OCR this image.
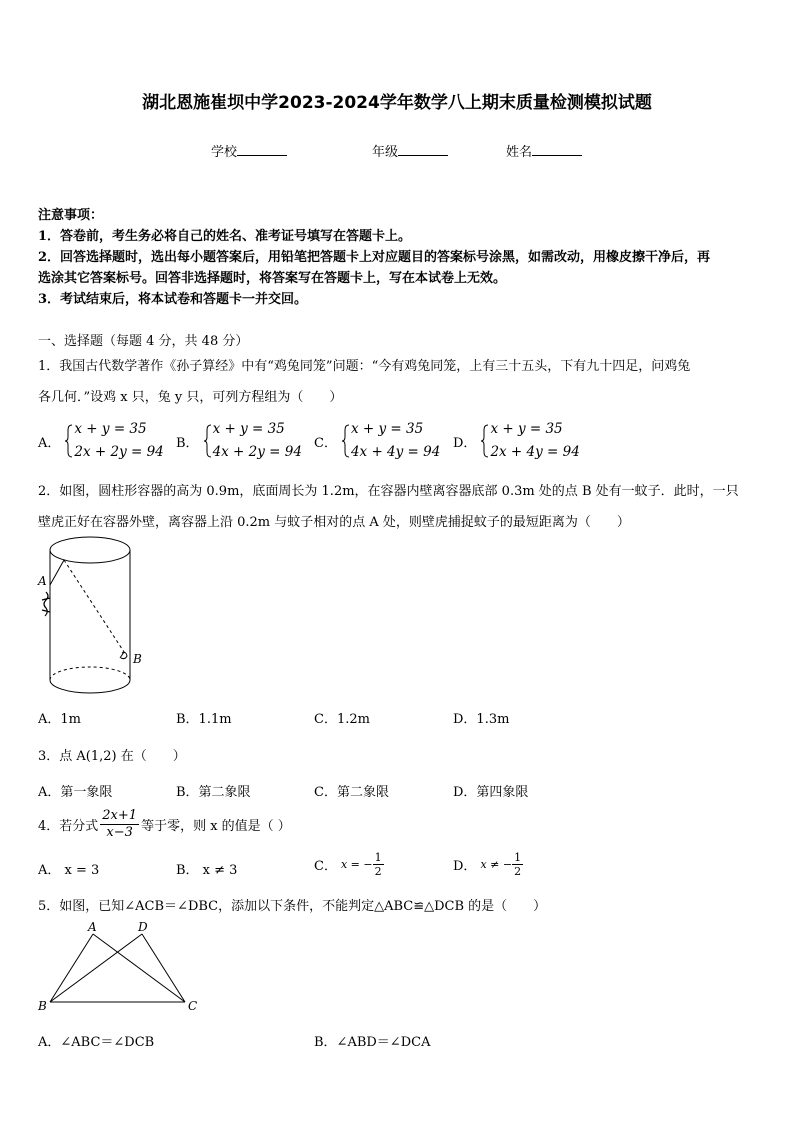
湖北恩施崔坝中学2023-2024学年数学八上期末质量检测模拟试题
学校	年级	姓名
注意事项：
1．答卷前，考生务必将自己的姓名、准考证号填写在答题卡上。
2．回答选择题时，选出每小题答案后，用铅笔把答题卡上对应题目的答案标号涂黑，如需改动，用橡皮擦干净后，再
选涂其它答案标号。回答非选择题时，将答案写在答题卡上，写在本试卷上无效。
3．考试结束后，将本试卷和答题卡一并交回。
一、选择题（每题 4 分，共 48 分）
1．我国古代数学著作《孙子算经》中有“鸡兔同笼”问题：“今有鸡兔同笼，上有三十五头，下有九十四足，问鸡兔
各几何．”设鸡 x 只，兔 y 只，可列方程组为（　　）
A．
x + y = 35
2x + 2y = 94
B．
x + y = 35
4x + 2y = 94
C．
x + y = 35
4x + 4y = 94
D．
x + y = 35
2x + 4y = 94
2．如图，圆柱形容器的高为 0.9m，底面周长为 1.2m，在容器内壁离容器底部 0.3m 处的点 B 处有一蚊子．此时，一只
壁虎正好在容器外壁，离容器上沿 0.2m 与蚊子相对的点 A 处，则壁虎捕捉蚊子的最短距离为（　　）
A
B
A．1m	B．1.1m	C．1.2m	D．1.3m
3．点 A(1,2) 在（　　）
A．第一象限	B．第二象限	C．第二象限	D．第四象限
4．若分式 $\frac{2x+1}{x-3}$ 等于零，则 x 的值是（ ）
A． x = 3	B． x ≠ 3	C． x = − $\frac{1}{2}$	D． x ≠ − $\frac{1}{2}$
5．如图，已知∠ACB＝∠DBC，添加以下条件，不能判定△ABC≌△DCB 的是（　　）
A	D
B	C
A．∠ABC＝∠DCB	B．∠ABD＝∠DCA
